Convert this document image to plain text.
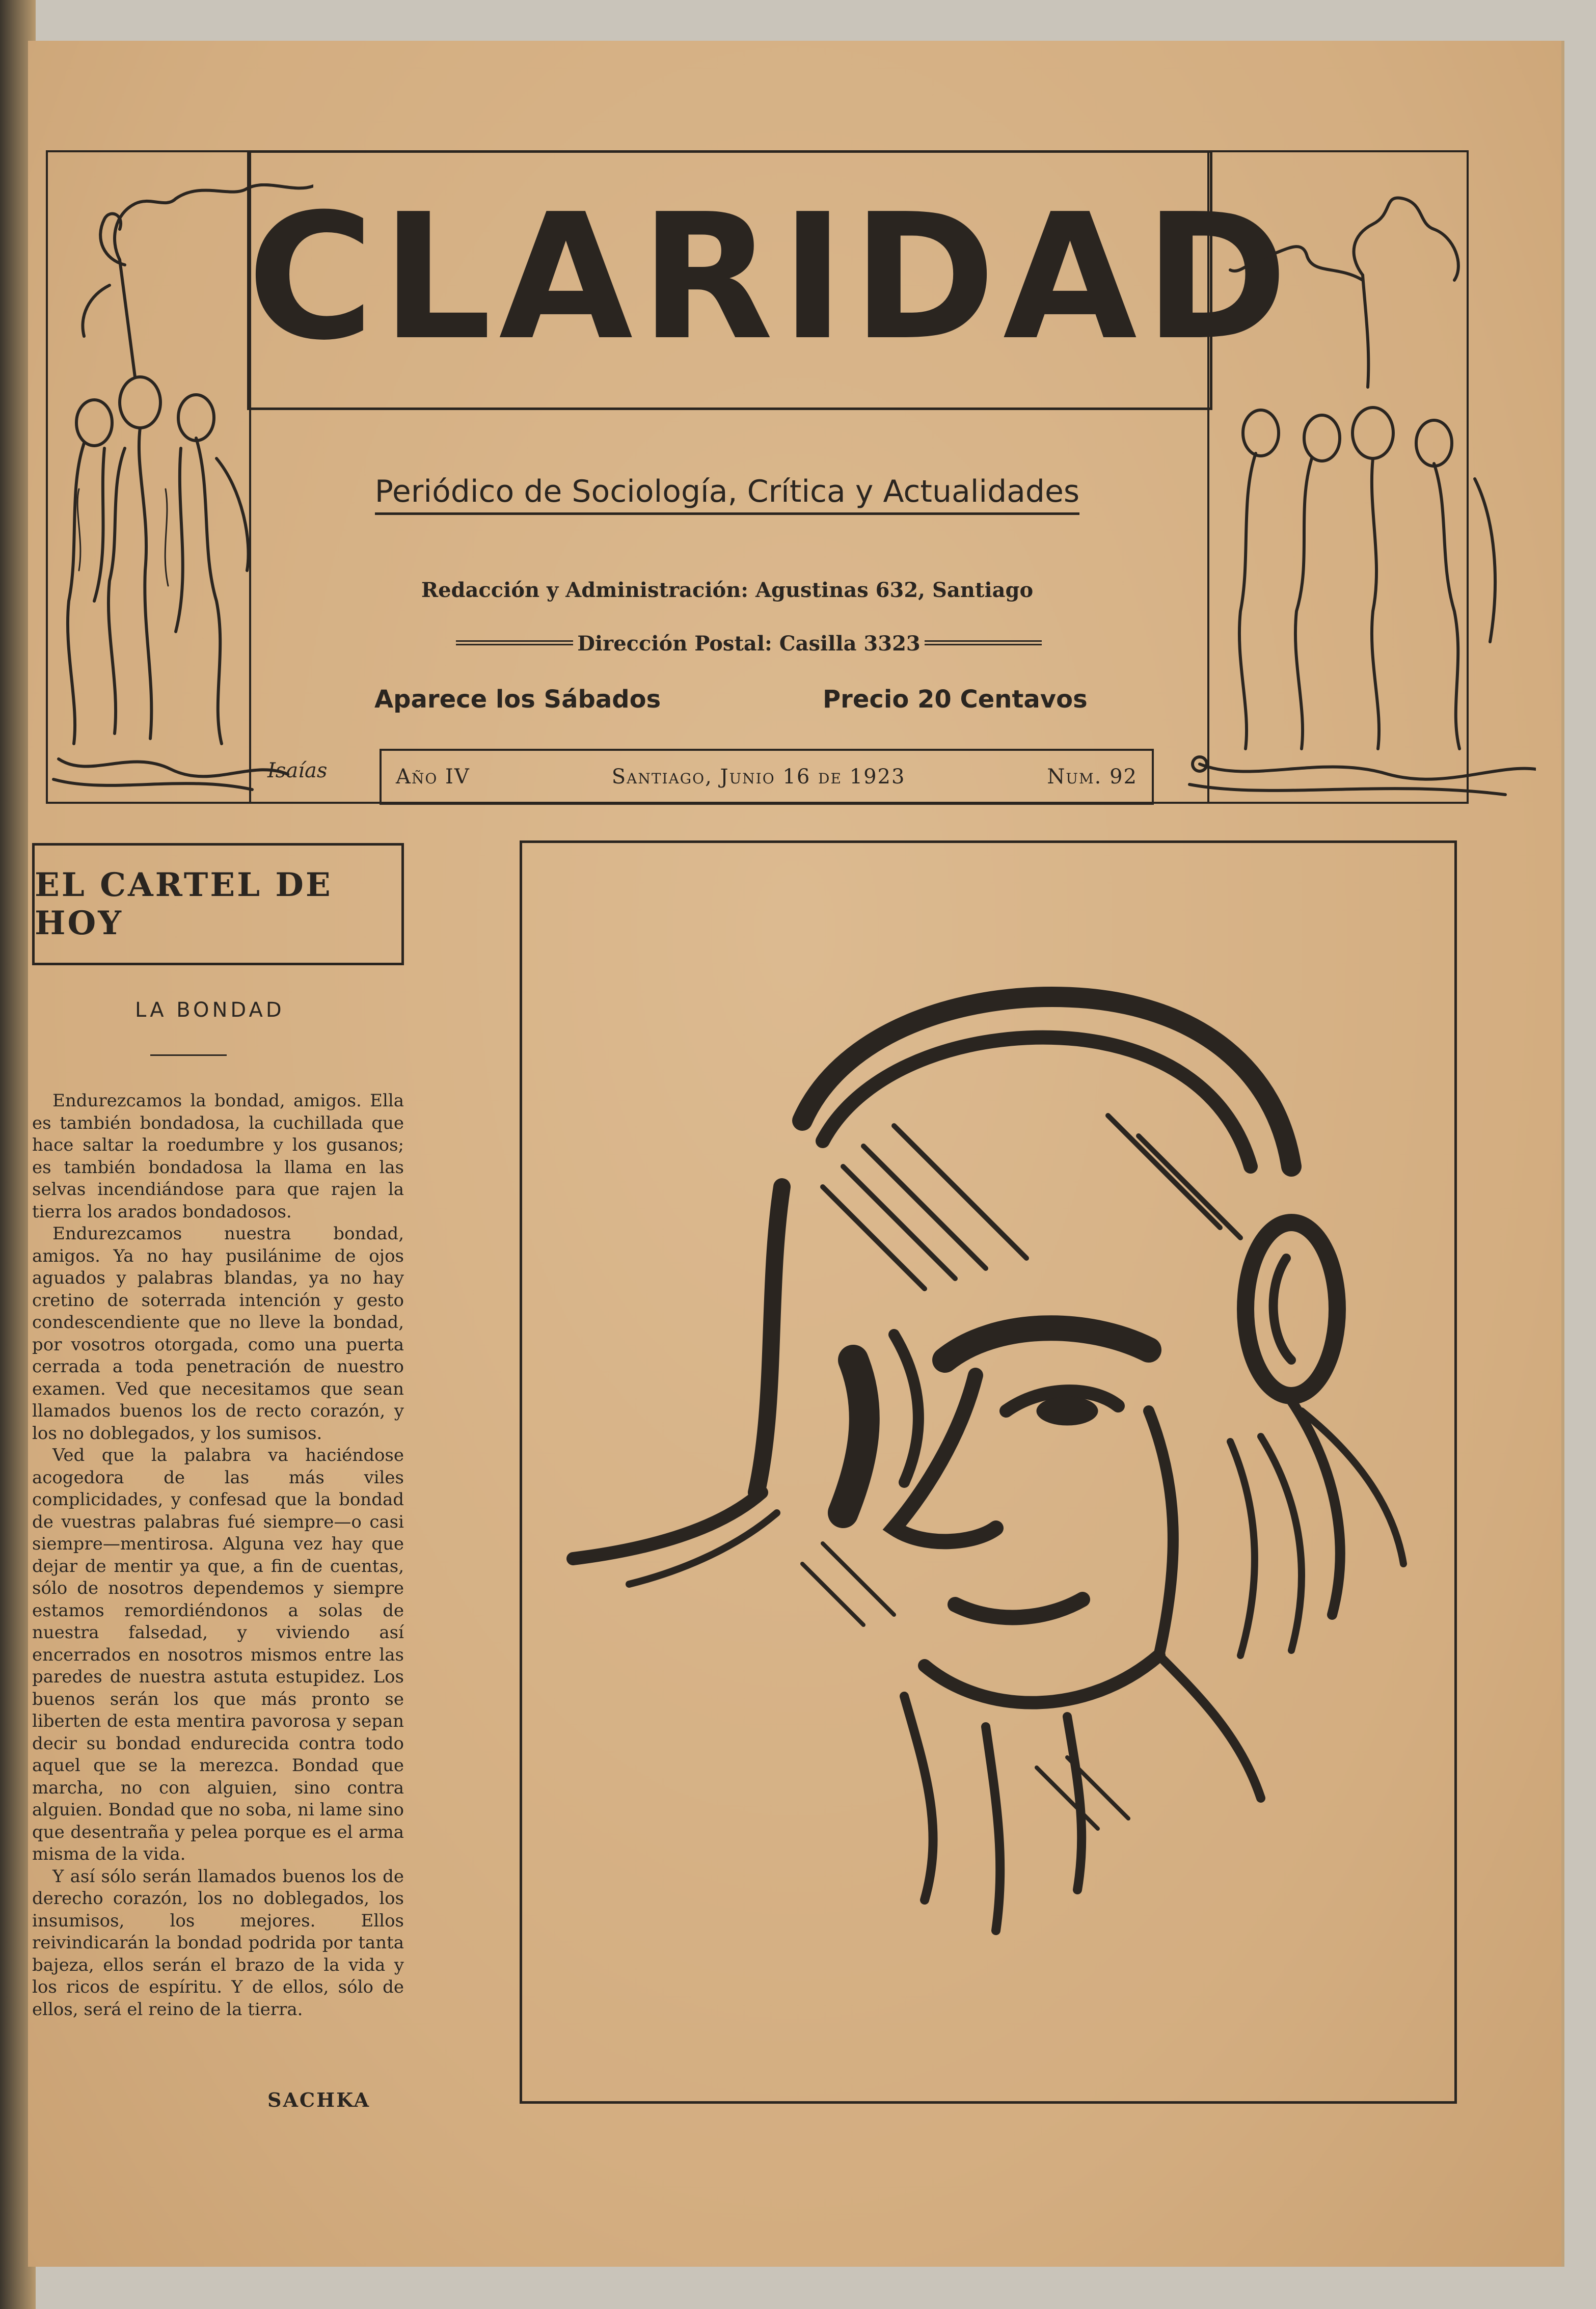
CLARIDAD
Isaías
Periódico de Sociología, Crítica y Actualidades
Redacción y Administración: Agustinas 632, Santiago
Dirección Postal: Casilla 3323
Aparece los Sábados	Precio 20 Centavos
Año IV	Santiago, Junio 16 de 1923	Num. 92
EL CARTEL DE HOY
LA BONDAD

Endurezcamos la bondad, amigos. Ella es también bondadosa, la cuchillada que hace saltar la roedumbre y los gusanos; es también bondadosa la llama en las selvas incendiándose para que rajen la tierra los arados bondadosos.

Endurezcamos nuestra bondad, amigos. Ya no hay pusilánime de ojos aguados y palabras blandas, ya no hay cretino de soterrada intención y gesto condescendiente que no lleve la bondad, por vosotros otorgada, como una puerta cerrada a toda penetración de nuestro examen. Ved que necesitamos que sean llamados buenos los de recto corazón, y los no doblegados, y los sumisos.

Ved que la palabra va haciéndose acogedora de las más viles complicidades, y confesad que la bondad de vuestras palabras fué siempre—o casi siempre—mentirosa. Alguna vez hay que dejar de mentir ya que, a fin de cuentas, sólo de nosotros dependemos y siempre estamos remordiéndonos a solas de nuestra falsedad, y viviendo así encerrados en nosotros mismos entre las paredes de nuestra astuta estupidez. Los buenos serán los que más pronto se liberten de esta mentira pavorosa y sepan decir su bondad endurecida contra todo aquel que se la merezca. Bondad que marcha, no con alguien, sino contra alguien. Bondad que no soba, ni lame sino que desentraña y pelea porque es el arma misma de la vida.

Y así sólo serán llamados buenos los de derecho corazón, los no doblegados, los insumisos, los mejores. Ellos reivindicarán la bondad podrida por tanta bajeza, ellos serán el brazo de la vida y los ricos de espíritu. Y de ellos, sólo de ellos, será el reino de la tierra.

SACHKA
